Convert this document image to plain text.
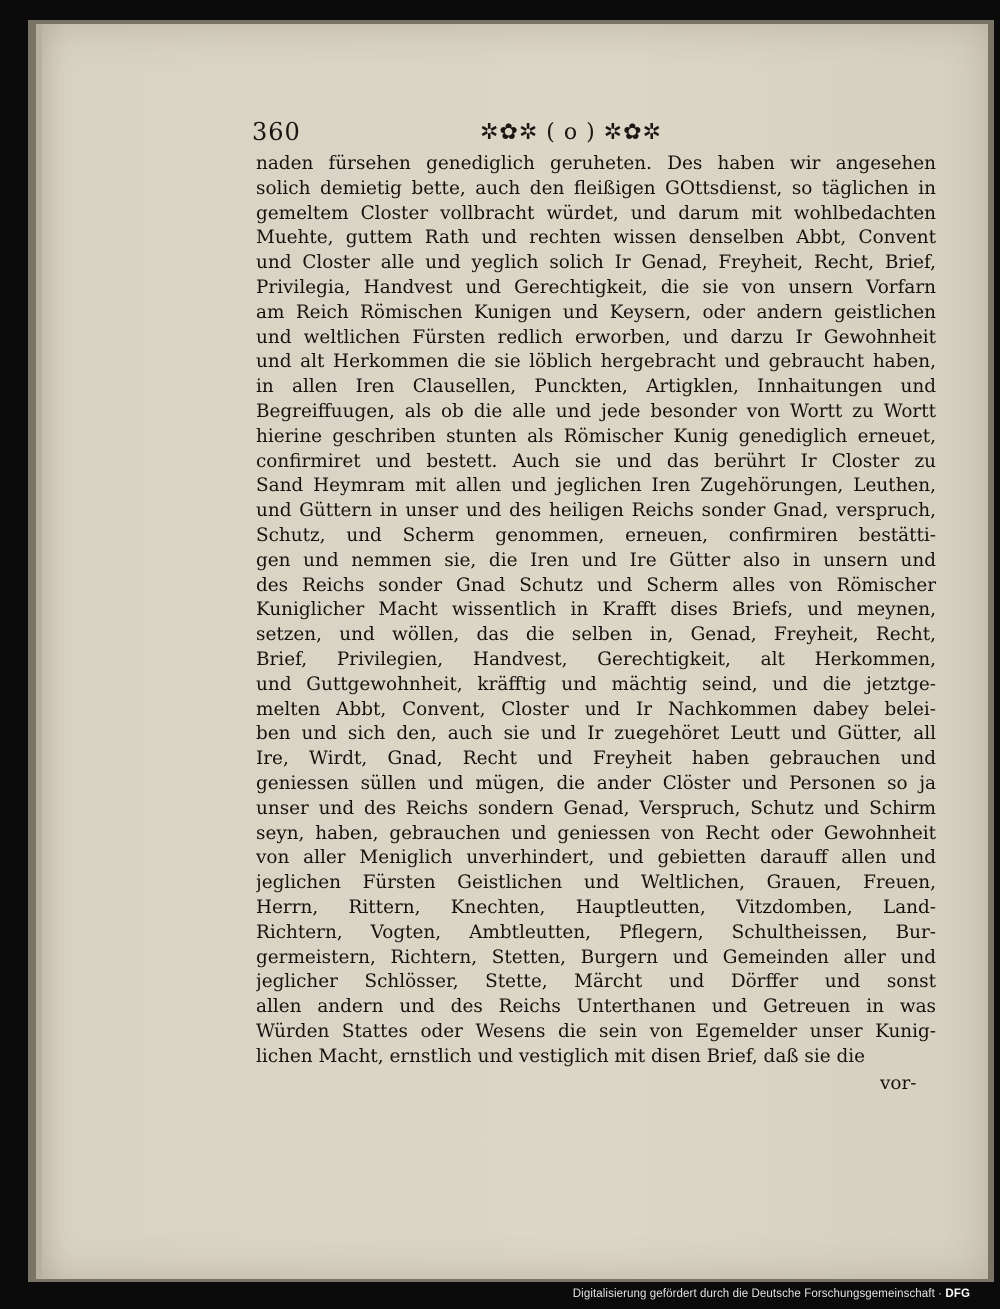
360	✲✿✲ ( o ) ✲✿✲
naden fürsehen genediglich geruheten. Des haben wir angesehen
solich demietig bette, auch den fleißigen GOttsdienst, so täglichen in
gemeltem Closter vollbracht würdet, und darum mit wohlbedachten
Muehte, guttem Rath und rechten wissen denselben Abbt, Convent
und Closter alle und yeglich solich Ir Genad, Freyheit, Recht, Brief,
Privilegia, Handvest und Gerechtigkeit, die sie von unsern Vorfarn
am Reich Römischen Kunigen und Keysern, oder andern geistlichen
und weltlichen Fürsten redlich erworben, und darzu Ir Gewohnheit
und alt Herkommen die sie löblich hergebracht und gebraucht haben,
in allen Iren Clausellen, Punckten, Artigklen, Innhaitungen und
Begreiffuugen, als ob die alle und jede besonder von Wortt zu Wortt
hierine geschriben stunten als Römischer Kunig genediglich erneuet,
confirmiret und bestett. Auch sie und das berührt Ir Closter zu
Sand Heymram mit allen und jeglichen Iren Zugehörungen, Leuthen,
und Güttern in unser und des heiligen Reichs sonder Gnad, verspruch,
Schutz, und Scherm genommen, erneuen, confirmiren bestätti-
gen und nemmen sie, die Iren und Ire Gütter also in unsern und
des Reichs sonder Gnad Schutz und Scherm alles von Römischer
Kuniglicher Macht wissentlich in Krafft dises Briefs, und meynen,
setzen, und wöllen, das die selben in, Genad, Freyheit, Recht,
Brief, Privilegien, Handvest, Gerechtigkeit, alt Herkommen,
und Guttgewohnheit, kräfftig und mächtig seind, und die jetztge-
melten Abbt, Convent, Closter und Ir Nachkommen dabey belei-
ben und sich den, auch sie und Ir zuegehöret Leutt und Gütter, all
Ire, Wirdt, Gnad, Recht und Freyheit haben gebrauchen und
geniessen süllen und mügen, die ander Clöster und Personen so ja
unser und des Reichs sondern Genad, Verspruch, Schutz und Schirm
seyn, haben, gebrauchen und geniessen von Recht oder Gewohnheit
von aller Meniglich unverhindert, und gebietten darauff allen und
jeglichen Fürsten Geistlichen und Weltlichen, Grauen, Freuen,
Herrn, Rittern, Knechten, Hauptleutten, Vitzdomben, Land-
Richtern, Vogten, Ambtleutten, Pflegern, Schultheissen, Bur-
germeistern, Richtern, Stetten, Burgern und Gemeinden aller und
jeglicher Schlösser, Stette, Märcht und Dörffer und sonst
allen andern und des Reichs Unterthanen und Getreuen in was
Würden Stattes oder Wesens die sein von Egemelder unser Kunig-
lichen Macht, ernstlich und vestiglich mit disen Brief, daß sie die
vor-
Digitalisierung gefördert durch die Deutsche Forschungsgemeinschaft · DFG
